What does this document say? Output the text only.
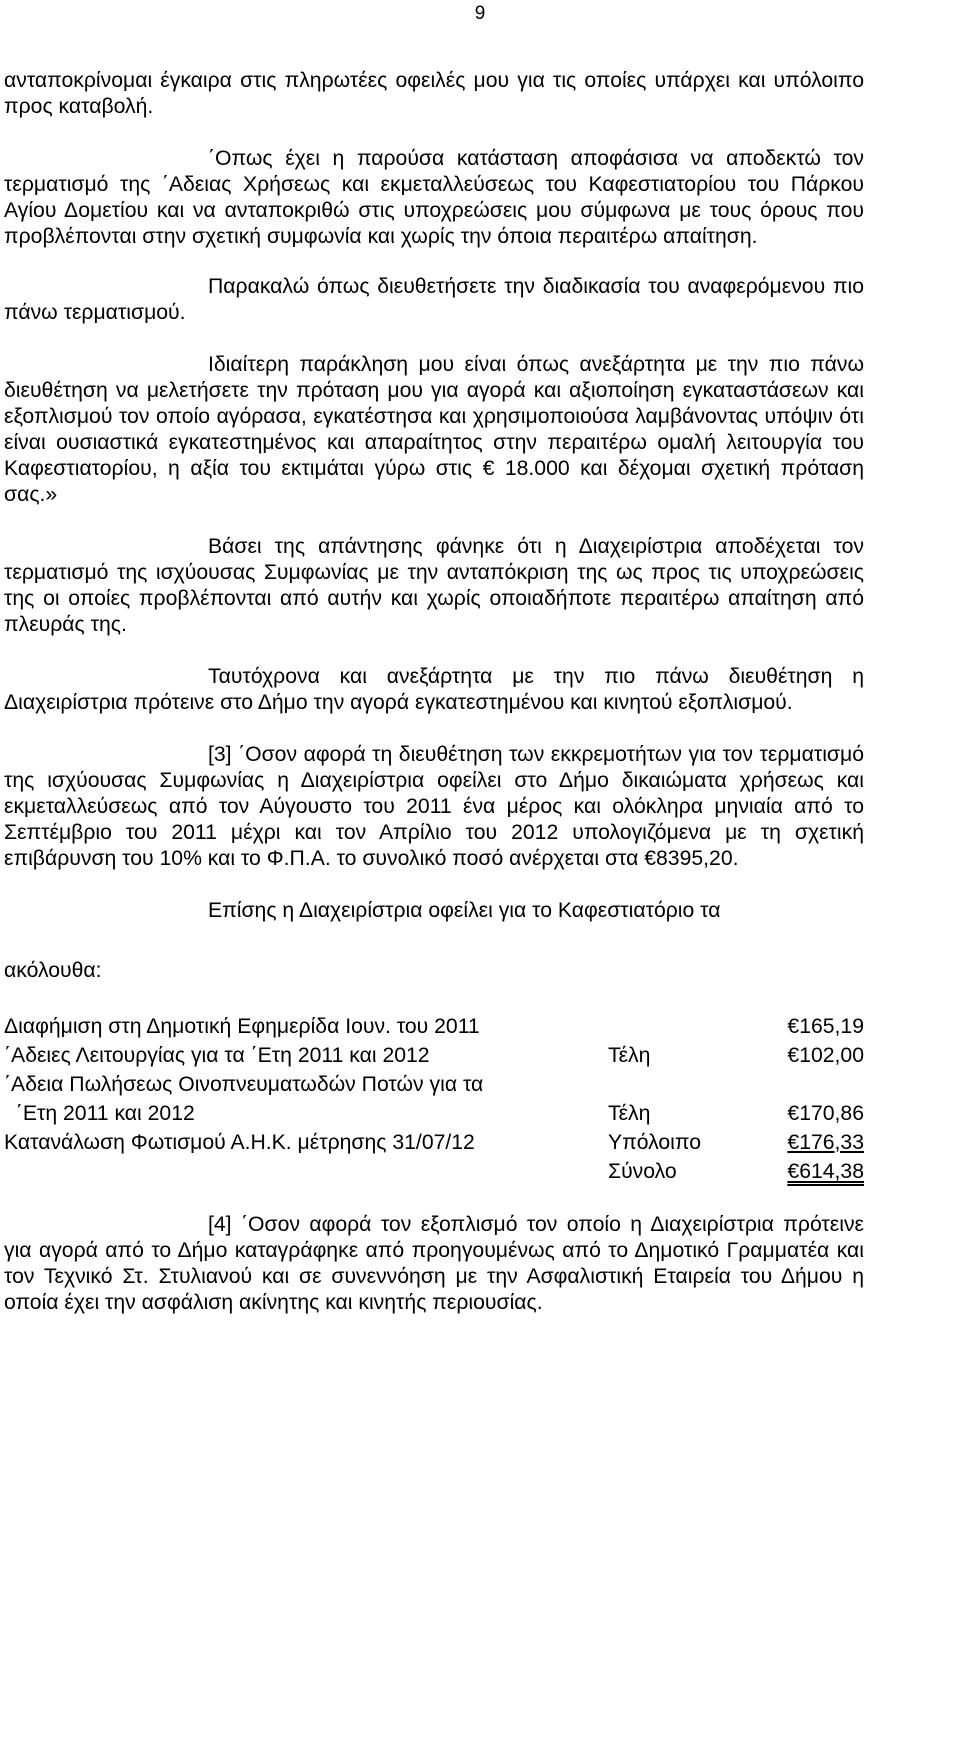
9

ανταποκρίνομαι έγκαιρα στις πληρωτέες οφειλές μου για τις οποίες υπάρχει και υπόλοιπο προς καταβολή.

΄Οπως έχει η παρούσα κατάσταση αποφάσισα να αποδεκτώ τον τερματισμό της ΄Αδειας Χρήσεως και εκμεταλλεύσεως του Καφεστιατορίου του Πάρκου Αγίου Δομετίου και να ανταποκριθώ στις υποχρεώσεις μου σύμφωνα με τους όρους που προβλέπονται στην σχετική συμφωνία και χωρίς την όποια περαιτέρω απαίτηση.

Παρακαλώ όπως διευθετήσετε την διαδικασία του αναφερόμενου πιο πάνω τερματισμού.

Ιδιαίτερη παράκληση μου είναι όπως ανεξάρτητα με την πιο πάνω διευθέτηση να μελετήσετε την πρόταση μου για αγορά και αξιοποίηση εγκαταστάσεων και εξοπλισμού τον οποίο αγόρασα, εγκατέστησα και χρησιμοποιούσα λαμβάνοντας υπόψιν ότι είναι ουσιαστικά εγκατεστημένος και απαραίτητος στην περαιτέρω ομαλή λειτουργία του Καφεστιατορίου, η αξία του εκτιμάται γύρω στις € 18.000 και δέχομαι σχετική πρόταση σας.»

Βάσει της απάντησης φάνηκε ότι η Διαχειρίστρια αποδέχεται τον τερματισμό της ισχύουσας Συμφωνίας με την ανταπόκριση της ως προς τις υποχρεώσεις της οι οποίες προβλέπονται από αυτήν και χωρίς οποιαδήποτε περαιτέρω απαίτηση από πλευράς της.

Ταυτόχρονα και ανεξάρτητα με την πιο πάνω διευθέτηση η Διαχειρίστρια πρότεινε στο Δήμο την αγορά εγκατεστημένου και κινητού εξοπλισμού.

[3] ΄Οσον αφορά τη διευθέτηση των εκκρεμοτήτων για τον τερματισμό της ισχύουσας Συμφωνίας η Διαχειρίστρια οφείλει στο Δήμο δικαιώματα χρήσεως και εκμεταλλεύσεως από τον Αύγουστο του 2011 ένα μέρος και ολόκληρα μηνιαία από το Σεπτέμβριο του 2011 μέχρι και τον Απρίλιο του 2012 υπολογιζόμενα με τη σχετική επιβάρυνση του 10% και το Φ.Π.Α. το συνολικό ποσό ανέρχεται στα €8395,20.

Επίσης η Διαχειρίστρια οφείλει για το Καφεστιατόριο τα

ακόλουθα:

Διαφήμιση στη Δημοτική Εφημερίδα Ιουν. του 2011		€165,19
΄Αδειες Λειτουργίας για τα ΄Ετη 2011 και 2012	Τέλη	€102,00
΄Αδεια Πωλήσεως Οινοπνευματωδών Ποτών για τα		
΄Ετη 2011 και 2012	Τέλη	€170,86
Κατανάλωση Φωτισμού Α.Η.Κ. μέτρησης 31/07/12	Υπόλοιπο	€176,33
	Σύνολο	€614,38

[4] ΄Οσον αφορά τον εξοπλισμό τον οποίο η Διαχειρίστρια πρότεινε για αγορά από το Δήμο καταγράφηκε από προηγουμένως από το Δημοτικό Γραμματέα και τον Τεχνικό Στ. Στυλιανού και σε συνεννόηση με την Ασφαλιστική Εταιρεία του Δήμου η οποία έχει την ασφάλιση ακίνητης και κινητής περιουσίας.
